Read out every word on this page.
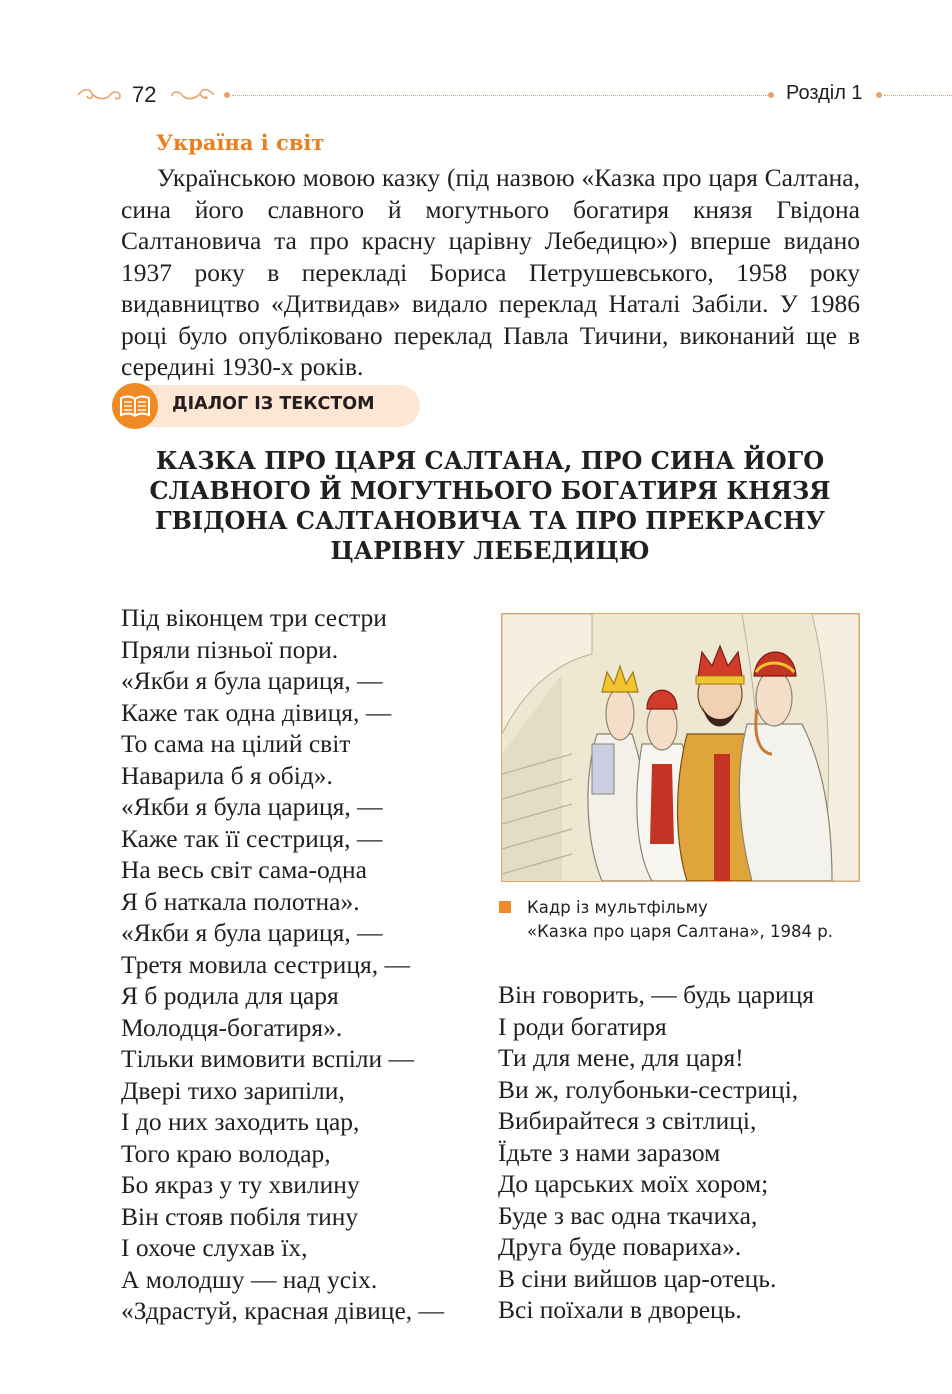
72	Розділ 1
Україна і світ

Українською мовою казку (під назвою «Казка про царя Салтана, сина його славного й могутнього богатиря князя Гвідона Салтановича та про красну царівну Лебедицю») вперше видано 1937 року в перекладі Бориса Петрушевського, 1958 року видавництво «Дитвидав» видало переклад Наталі Забіли. У 1986 році було опубліковано переклад Павла Тичини, виконаний ще в середині 1930-х років.

ДІАЛОГ ІЗ ТЕКСТОМ
КАЗКА ПРО ЦАРЯ САЛТАНА, ПРО СИНА ЙОГО СЛАВНОГО Й МОГУТНЬОГО БОГАТИРЯ КНЯЗЯ ГВІДОНА САЛТАНОВИЧА ТА ПРО ПРЕКРАСНУ ЦАРІВНУ ЛЕБЕДИЦЮ
Під віконцем три сестри
Пряли пізньої пори.
«Якби я була цариця, —
Каже так одна дівиця, —
То сама на цілий світ
Наварила б я обід».
«Якби я була цариця, —
Каже так її сестриця, —
На весь світ сама-одна
Я б наткала полотна».
«Якби я була цариця, —
Третя мовила сестриця, —
Я б родила для царя
Молодця-богатиря».
Тільки вимовити вспіли —
Двері тихо зарипіли,
І до них заходить цар,
Того краю володар,
Бо якраз у ту хвилину
Він стояв побіля тину
І охоче слухав їх,
А молодшу — над усіх.
«Здрастуй, красная дівице, —
Кадр із мультфільму
«Казка про царя Салтана», 1984 р.
Він говорить, — будь цариця
І роди богатиря
Ти для мене, для царя!
Ви ж, голубоньки-сестриці,
Вибирайтеся з світлиці,
Їдьте з нами заразом
До царських моїх хором;
Буде з вас одна ткачиха,
Друга буде повариха».
В сіни вийшов цар-отець.
Всі поїхали в дворець.
